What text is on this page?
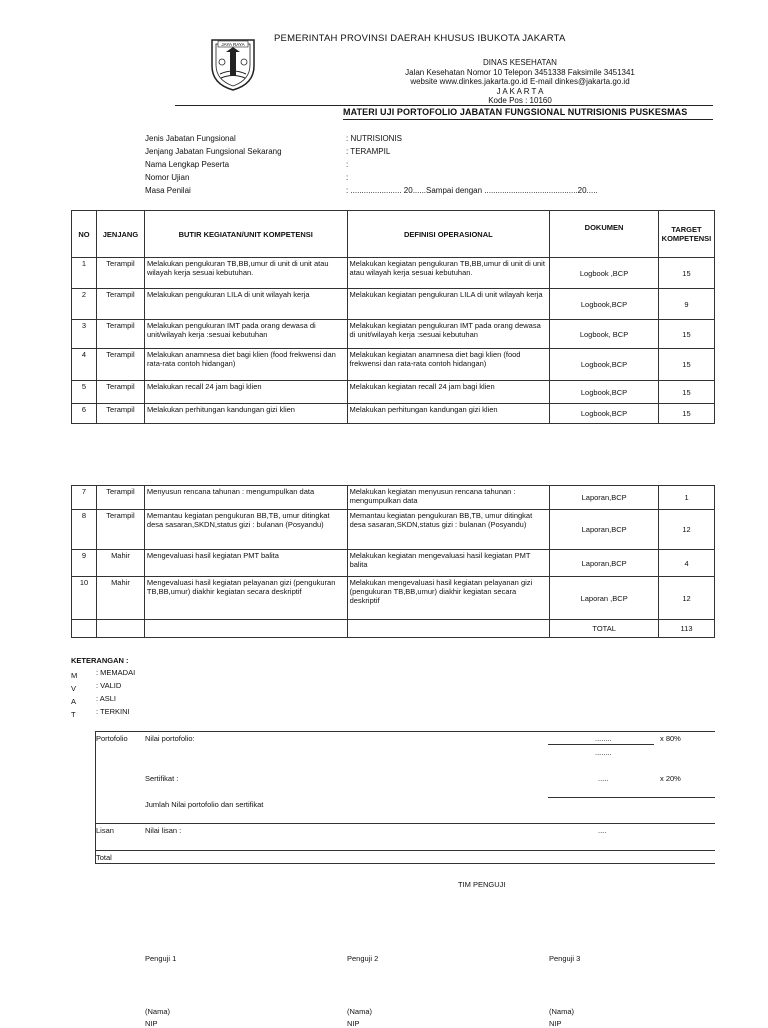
JAYA RAYA
PEMERINTAH PROVINSI DAERAH KHUSUS IBUKOTA JAKARTA
DINAS KESEHATAN
Jalan Kesehatan Nomor 10 Telepon 3451338 Faksimile 3451341
website www.dinkes.jakarta.go.id E-mail dinkes@jakarta.go.id
J A K A R T A
Kode Pos : 10160
MATERI UJI PORTOFOLIO JABATAN FUNGSIONAL NUTRISIONIS PUSKESMAS
Jenis Jabatan Fungsional	: NUTRISIONIS
Jenjang Jabatan Fungsional Sekarang	: TERAMPIL
Nama Lengkap Peserta	:
Nomor Ujian	:
Masa Penilai	: ....................... 20......Sampai dengan ..........................................20.....
NO	JENJANG	BUTIR KEGIATAN/UNIT KOMPETENSI	DEFINISI OPERASIONAL	DOKUMEN	TARGET KOMPETENSI
1	Terampil	Melakukan pengukuran TB,BB,umur di unit di unit atau wilayah kerja sesuai kebutuhan.	Melakukan kegiatan pengukuran TB,BB,umur di unit di unit atau wilayah kerja sesuai kebutuhan.	Logbook ,BCP	15
2	Terampil	Melakukan pengukuran LILA di unit wilayah kerja	Melakukan kegiatan pengukuran LILA di unit wilayah kerja	Logbook,BCP	9
3	Terampil	Melakukan pengukuran IMT pada orang dewasa di unit/wilayah kerja :sesuai kebutuhan	Melakukan kegiatan pengukuran IMT pada orang dewasa di unit/wilayah kerja :sesuai kebutuhan	Logbook, BCP	15
4	Terampil	Melakukan anamnesa diet bagi klien (food frekwensi dan rata-rata contoh hidangan)	Melakukan kegiatan anamnesa diet bagi klien (food frekwensi dan rata-rata contoh hidangan)	Logbook,BCP	15
5	Terampil	Melakukan recall 24 jam bagi klien	Melakukan kegiatan recall 24 jam bagi klien	Logbook,BCP	15
6	Terampil	Melakukan perhitungan kandungan gizi klien	Melakukan perhitungan kandungan gizi klien	Logbook,BCP	15
7	Terampil	Menyusun rencana tahunan : mengumpulkan data	Melakukan kegiatan menyusun rencana tahunan : mengumpulkan data	Laporan,BCP	1
8	Terampil	Memantau kegiatan pengukuran BB,TB, umur ditingkat desa sasaran,SKDN,status gizi : bulanan (Posyandu)	Memantau kegiatan pengukuran BB,TB, umur ditingkat desa sasaran,SKDN,status gizi : bulanan (Posyandu)	Laporan,BCP	12
9	Mahir	Mengevaluasi hasil kegiatan PMT balita	Melakukan kegiatan mengevaluasi hasil kegiatan PMT balita	Laporan,BCP	4
10	Mahir	Mengevaluasi hasil kegiatan pelayanan gizi (pengukuran TB,BB,umur) diakhir kegiatan secara deskriptif	Melakukan mengevaluasi hasil kegiatan pelayanan gizi (pengukuran TB,BB,umur) diakhir kegiatan secara deskriptif	Laporan ,BCP	12
				TOTAL	113
KETERANGAN :
M	: MEMADAI
V	: VALID
A	: ASLI
T	: TERKINI
Portofolio Nilai portofolio:	........	x 80%
........
Sertifikat :	.....	x 20%
Jumlah Nilai portofolio dan sertifikat
Lisan	Nilai lisan :	....
Total
TIM PENGUJI
Penguji 1	Penguji 2	Penguji 3
(Nama)	(Nama)	(Nama)
NIP	NIP	NIP
